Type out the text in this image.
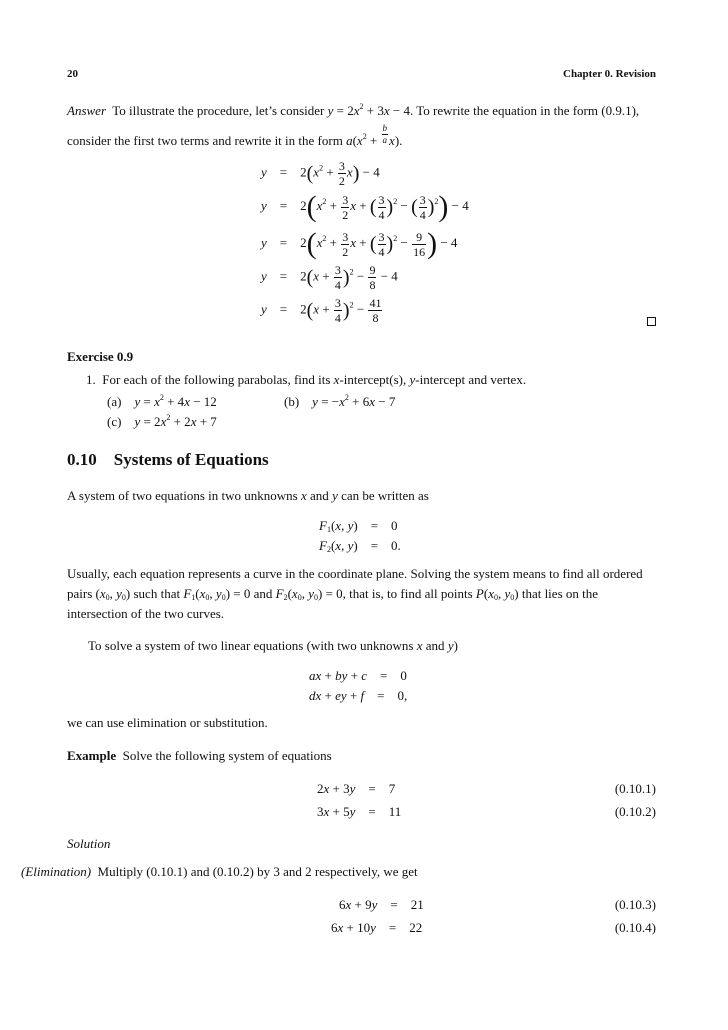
20	Chapter 0. Revision
Answer To illustrate the procedure, let’s consider $y = 2x^2 + 3x - 4$. To rewrite the equation in the form (0.9.1),
consider the first two terms and rewrite it in the form $a(x^2 + \frac{b}{a} x)$.
y    =    $2(x^2 + \frac{3}{2} x) - 4$
y    =    $2(x^2 + \frac{3}{2}$ x + ( $\frac{3}{4} )^2$ − ( $\frac{3}{4} )^2) - 4$
y    =    $2(x^2 + \frac{3}{2}$ x + ( $\frac{3}{4} )^2 - \frac{9}{16}$ ) − 4
y    =    $2(x + \frac{3}{4} )^2 - \frac{9}{8} - 4$
y    =    $2(x + \frac{3}{4} )^2 - \frac{41}{8}$
Exercise 0.9
1.  For each of the following parabolas, find its x-intercept(s), y-intercept and vertex.
(a) $y = x^2 + 4x - 12$	(b) $y = -x^2 + 6x - 7$
(c) $y = 2x^2 + 2x + 7$
0.10 Systems of Equations
A system of two equations in two unknowns x and y can be written as
$F_1(x$, y)    =    0
$F_2(x$, y)    =    0.
Usually, each equation represents a curve in the coordinate plane. Solving the system means to find all ordered
pairs ($x_0$, $y_0$) such that $F_1(x_0$, $y_0) = 0$ and $F_2(x_0$, $y_0) = 0$, that is, to find all points $P(x_0$, $y_0$) that lies on the
intersection of the two curves.
To solve a system of two linear equations (with two unknowns x and y)
ax + by + c    =    0
dx + ey + f    =    0,
we can use elimination or substitution.
Example Solve the following system of equations
2x + 3y    =    7	(0.10.1)
3x + 5y    =    11	(0.10.2)
Solution
(Elimination) Multiply (0.10.1) and (0.10.2) by 3 and 2 respectively, we get
6x + 9y    =    21	(0.10.3)
6x + 10y    =    22	(0.10.4)
